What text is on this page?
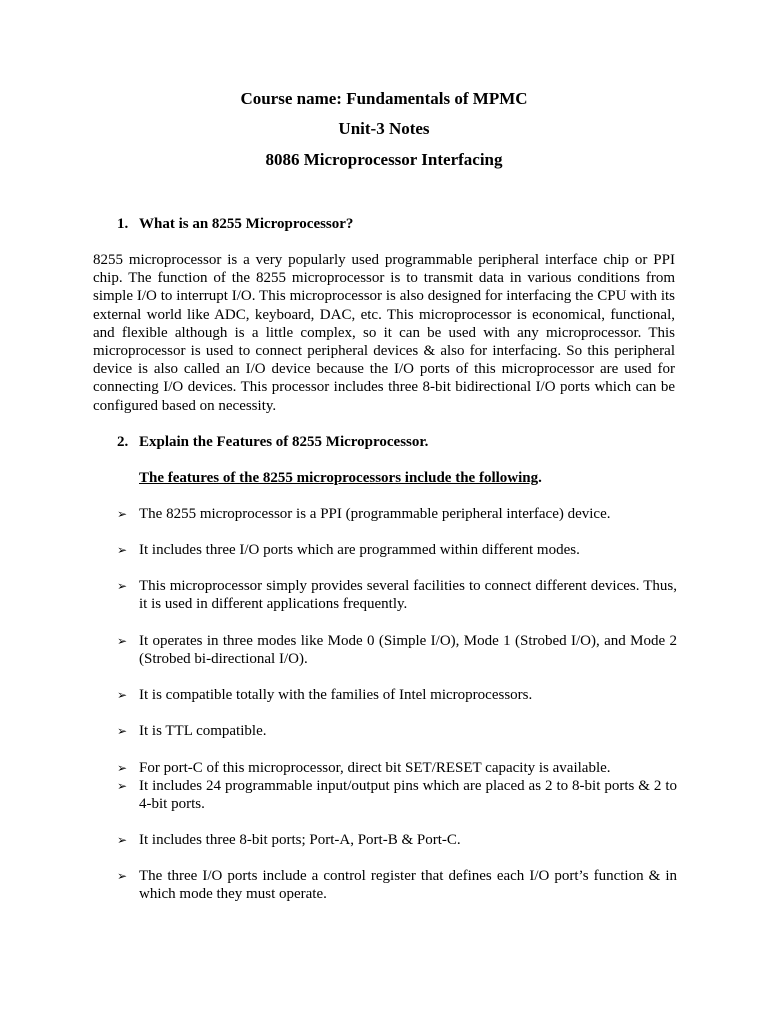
Course name: Fundamentals of MPMC
Unit-3 Notes
8086 Microprocessor Interfacing
1. What is an 8255 Microprocessor?
8255 microprocessor is a very popularly used programmable peripheral interface chip or PPI chip. The function of the 8255 microprocessor is to transmit data in various conditions from simple I/O to interrupt I/O. This microprocessor is also designed for interfacing the CPU with its external world like ADC, keyboard, DAC, etc. This microprocessor is economical, functional, and flexible although is a little complex, so it can be used with any microprocessor. This microprocessor is used to connect peripheral devices & also for interfacing. So this peripheral device is also called an I/O device because the I/O ports of this microprocessor are used for connecting I/O devices. This processor includes three 8-bit bidirectional I/O ports which can be configured based on necessity.
2. Explain the Features of 8255 Microprocessor.
The features of the 8255 microprocessors include the following.
➢ The 8255 microprocessor is a PPI (programmable peripheral interface) device.
➢ It includes three I/O ports which are programmed within different modes.
➢ This microprocessor simply provides several facilities to connect different devices. Thus, it is used in different applications frequently.
➢ It operates in three modes like Mode 0 (Simple I/O), Mode 1 (Strobed I/O), and Mode 2 (Strobed bi-directional I/O).
➢ It is compatible totally with the families of Intel microprocessors.
➢ It is TTL compatible.
➢ For port-C of this microprocessor, direct bit SET/RESET capacity is available.
➢ It includes 24 programmable input/output pins which are placed as 2 to 8-bit ports & 2 to 4-bit ports.
➢ It includes three 8-bit ports; Port-A, Port-B & Port-C.
➢ The three I/O ports include a control register that defines each I/O port’s function & in which mode they must operate.
